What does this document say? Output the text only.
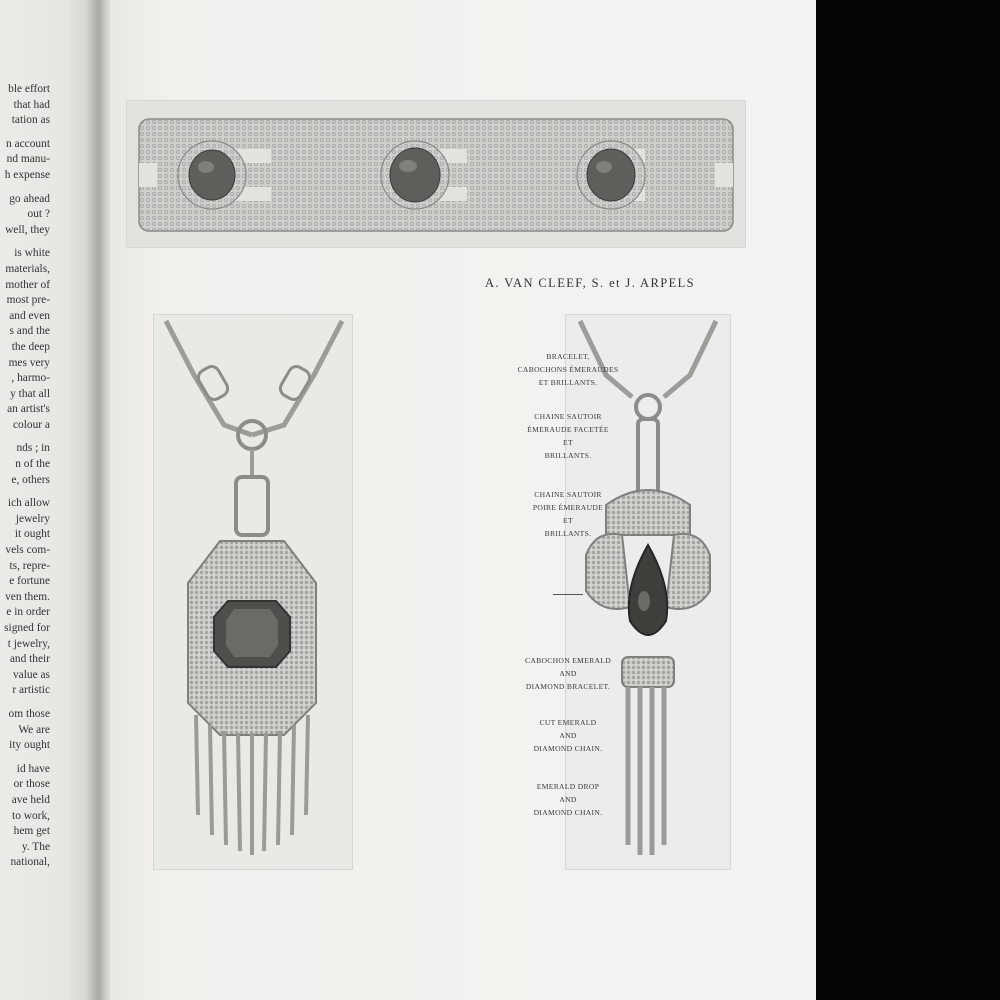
ble effort
that had
tation as
n account
nd manu-
h expense
go ahead
out ?
well, they
is white
materials,
mother of
most pre-
and even
s and the
the deep
mes very
, harmo-
y that all
an artist's
colour a
nds ; in
n of the
e, others
ich allow
jewelry
it ought
vels com-
ts, repre-
e fortune
ven them.
e in order
signed for
t jewelry,
and their
value as
r artistic
om those
We are
ity ought
id have
or those
ave held
to work,
hem get
y. The
national,
A. VAN CLEEF, S. et J. ARPELS

BRACELET,

CABOCHONS ÉMERAUDES

ET BRILLANTS.

CHAINE SAUTOIR

ÉMERAUDE FACETÉE

ET

BRILLANTS.

CHAINE SAUTOIR

POIRE ÉMERAUDE

ET

BRILLANTS.

CABOCHON EMERALD

AND

DIAMOND BRACELET.

CUT EMERALD

AND

DIAMOND CHAIN.

EMERALD DROP

AND

DIAMOND CHAIN.
